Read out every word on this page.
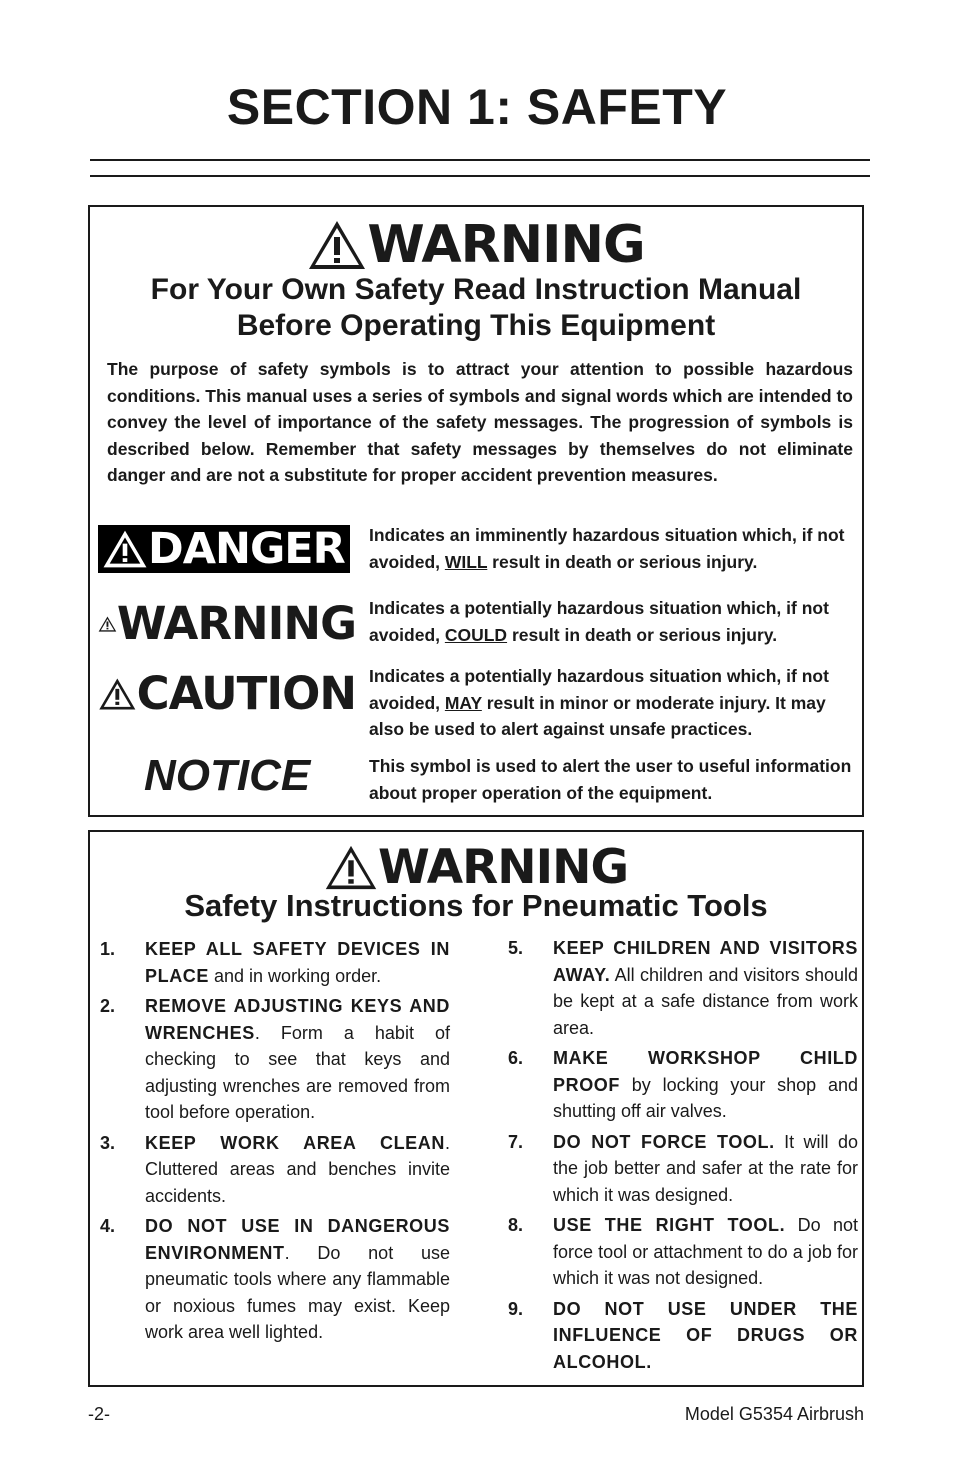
SECTION 1: SAFETY
WARNING

For Your Own Safety Read Instruction Manual

Before Operating This Equipment

The purpose of safety symbols is to attract your attention to possible hazardous conditions. This manual uses a series of symbols and signal words which are intended to convey the level of importance of the safety messages. The progression of symbols is described below. Remember that safety messages by themselves do not eliminate danger and are not a substitute for proper accident prevention measures.

DANGER Indicates an imminently hazardous situation which, if not avoided, WILL result in death or serious injury.

WARNING Indicates a potentially hazardous situation which, if not avoided, COULD result in death or serious injury.

CAUTION Indicates a potentially hazardous situation which, if not avoided, MAY result in minor or moderate injury. It may also be used to alert against unsafe practices.

NOTICE	This symbol is used to alert the user to useful information about proper operation of the equipment.

WARNING

Safety Instructions for Pneumatic Tools

1. KEEP ALL SAFETY DEVICES IN PLACE and in working order.
2. REMOVE ADJUSTING KEYS AND WRENCHES. Form a habit of checking to see that keys and adjusting wrenches are removed from tool before operation.
3. KEEP WORK AREA CLEAN. Cluttered areas and benches invite accidents.
4. DO NOT USE IN DANGEROUS ENVIRONMENT. Do not use pneumatic tools where any flammable or noxious fumes may exist. Keep work area well lighted.
5. KEEP CHILDREN AND VISITORS AWAY. All children and visitors should be kept at a safe distance from work area.
6. MAKE WORKSHOP CHILD PROOF by locking your shop and shutting off air valves.
7. DO NOT FORCE TOOL. It will do the job better and safer at the rate for which it was designed.
8. USE THE RIGHT TOOL. Do not force tool or attachment to do a job for which it was not designed.
9. DO NOT USE UNDER THE INFLUENCE OF DRUGS OR ALCOHOL.
-2-	Model G5354 Airbrush
